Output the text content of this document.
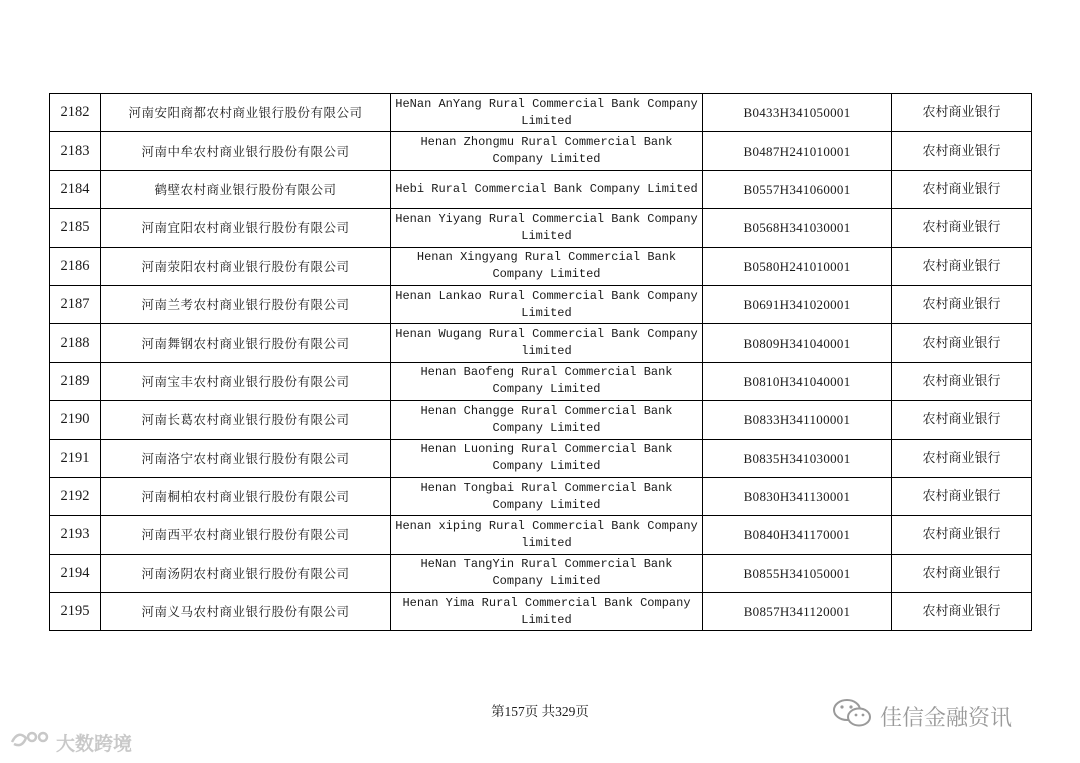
2182	河南安阳商都农村商业银行股份有限公司	HeNan AnYang Rural Commercial Bank Company Limited	B0433H341050001	农村商业银行
2183	河南中牟农村商业银行股份有限公司	Henan Zhongmu Rural Commercial Bank Company Limited	B0487H241010001	农村商业银行
2184	鹤壁农村商业银行股份有限公司	Hebi Rural Commercial Bank Company Limited	B0557H341060001	农村商业银行
2185	河南宜阳农村商业银行股份有限公司	Henan Yiyang Rural Commercial Bank Company Limited	B0568H341030001	农村商业银行
2186	河南荥阳农村商业银行股份有限公司	Henan Xingyang Rural Commercial Bank Company Limited	B0580H241010001	农村商业银行
2187	河南兰考农村商业银行股份有限公司	Henan Lankao Rural Commercial Bank Company Limited	B0691H341020001	农村商业银行
2188	河南舞钢农村商业银行股份有限公司	Henan Wugang Rural Commercial Bank Company limited	B0809H341040001	农村商业银行
2189	河南宝丰农村商业银行股份有限公司	Henan Baofeng Rural Commercial Bank Company Limited	B0810H341040001	农村商业银行
2190	河南长葛农村商业银行股份有限公司	Henan Changge Rural Commercial Bank Company Limited	B0833H341100001	农村商业银行
2191	河南洛宁农村商业银行股份有限公司	Henan Luoning Rural Commercial Bank Company Limited	B0835H341030001	农村商业银行
2192	河南桐柏农村商业银行股份有限公司	Henan Tongbai Rural Commercial Bank Company Limited	B0830H341130001	农村商业银行
2193	河南西平农村商业银行股份有限公司	Henan xiping Rural Commercial Bank Company limited	B0840H341170001	农村商业银行
2194	河南汤阴农村商业银行股份有限公司	HeNan TangYin Rural Commercial Bank Company Limited	B0855H341050001	农村商业银行
2195	河南义马农村商业银行股份有限公司	Henan Yima Rural Commercial Bank Company Limited	B0857H341120001	农村商业银行
第157页 共329页
大数跨境
佳信金融资讯
